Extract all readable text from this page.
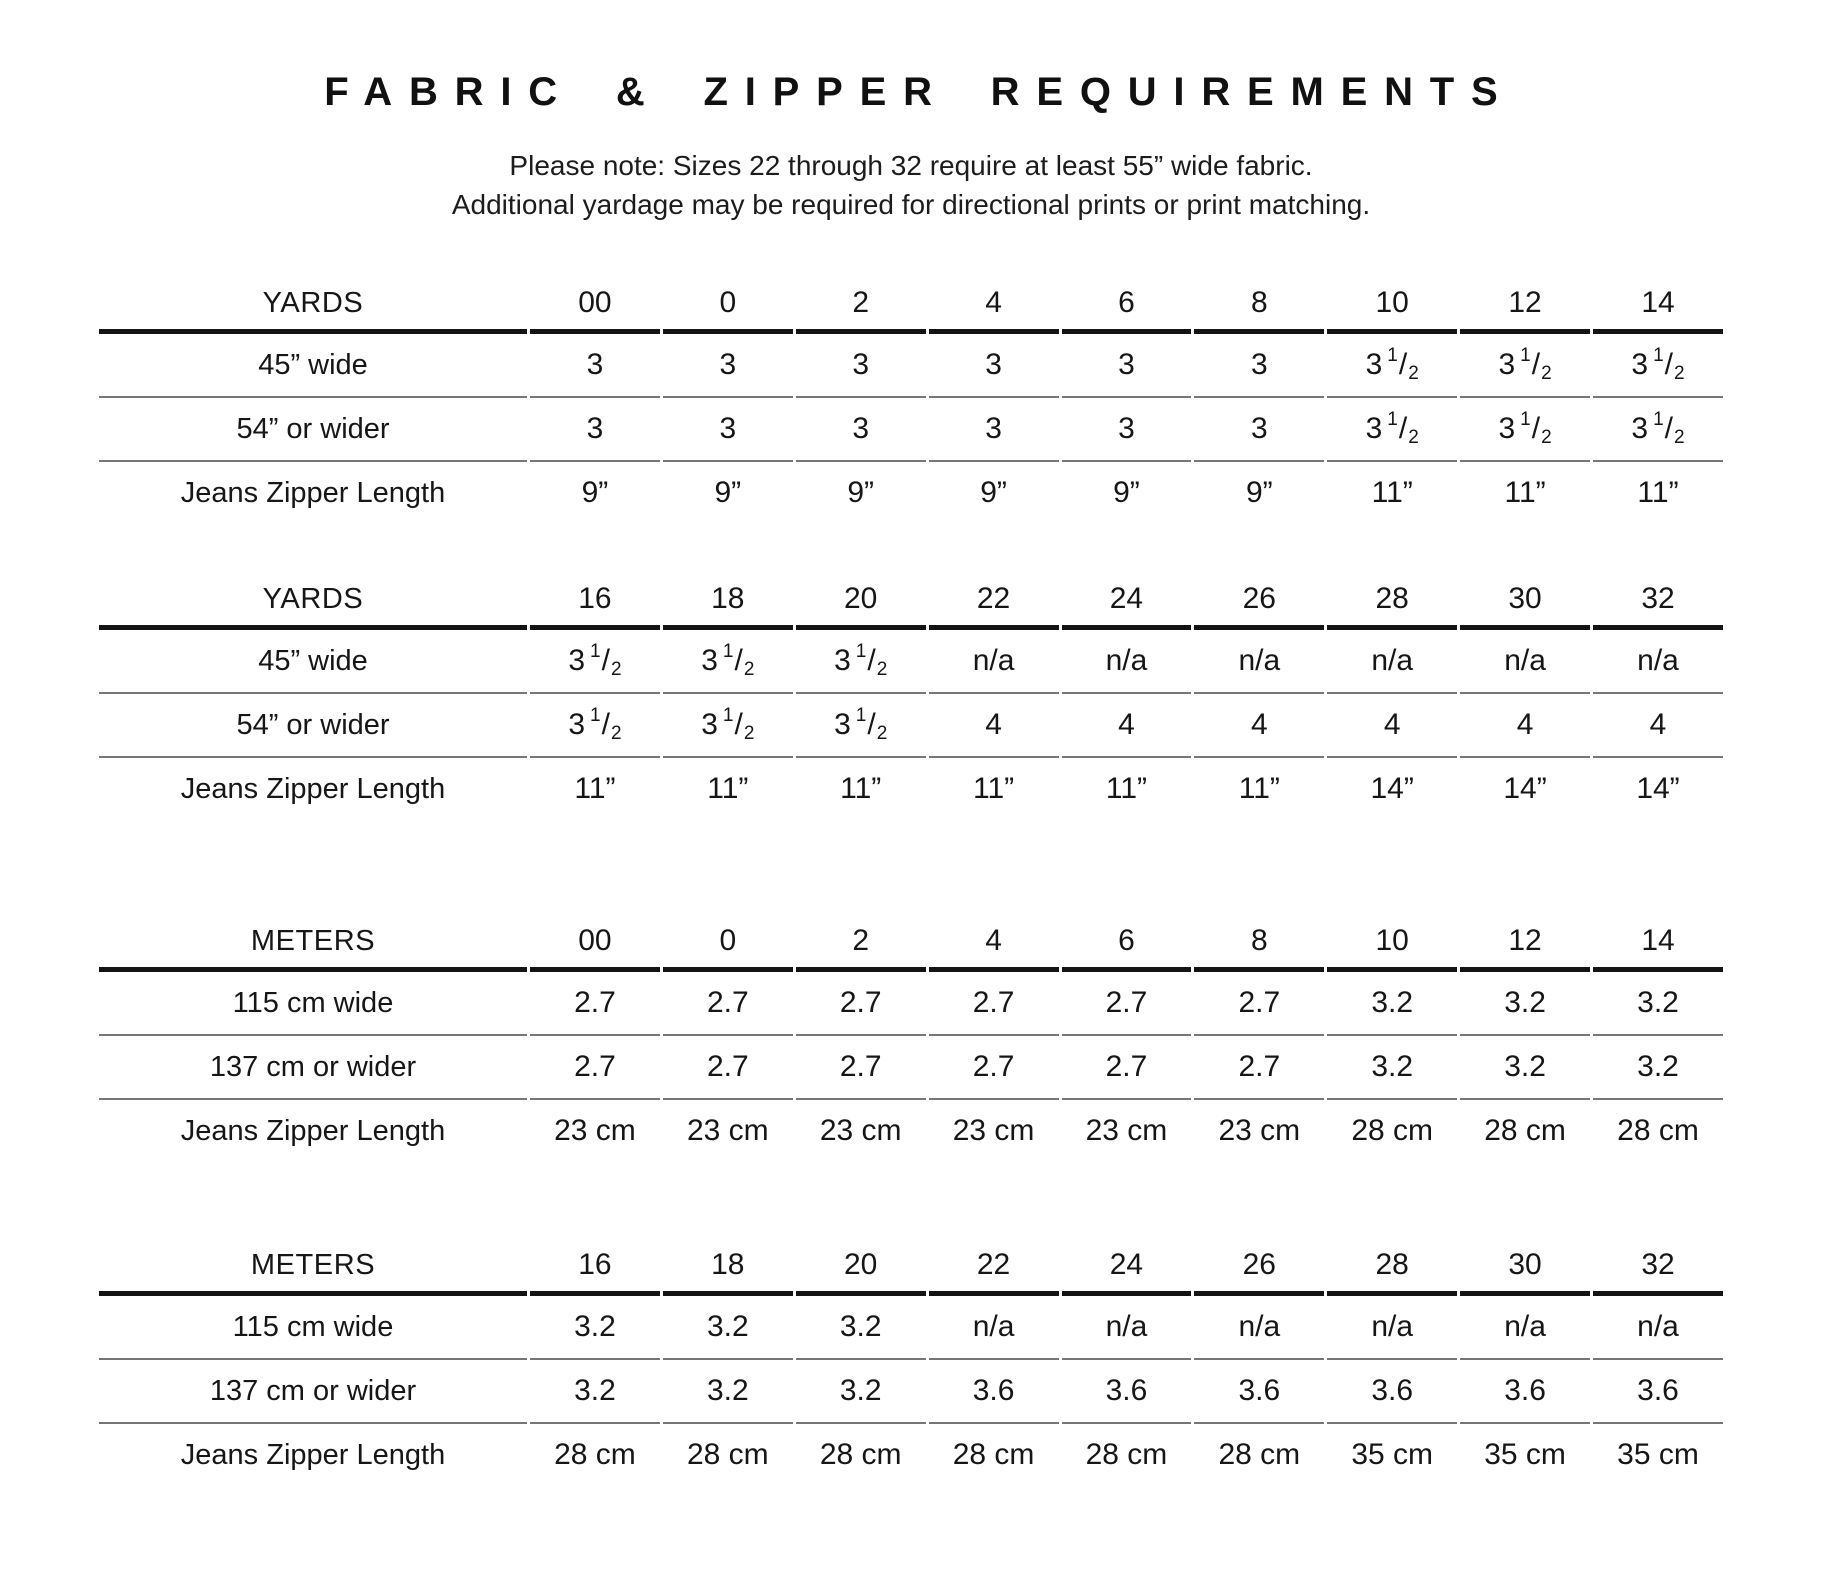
FABRIC & ZIPPER REQUIREMENTS

Please note: Sizes 22 through 32 require at least 55” wide fabric.

Additional yardage may be required for directional prints or print matching.

YARDS	00	0	2	4	6	8	10	12	14
45” wide	3	3	3	3	3	3	3 $^1$/2	3 $^1$/2	3 $^1$/2
54” or wider	3	3	3	3	3	3	3 $^1$/2	3 $^1$/2	3 $^1$/2
Jeans Zipper Length	9”	9”	9”	9”	9”	9”	11”	11”	11”
YARDS	16	18	20	22	24	26	28	30	32
45” wide	3 $^1$/2	3 $^1$/2	3 $^1$/2	n/a	n/a	n/a	n/a	n/a	n/a
54” or wider	3 $^1$/2	3 $^1$/2	3 $^1$/2	4	4	4	4	4	4
Jeans Zipper Length	11”	11”	11”	11”	11”	11”	14”	14”	14”
METERS	00	0	2	4	6	8	10	12	14
115 cm wide	2.7	2.7	2.7	2.7	2.7	2.7	3.2	3.2	3.2
137 cm or wider	2.7	2.7	2.7	2.7	2.7	2.7	3.2	3.2	3.2
Jeans Zipper Length	23 cm	23 cm	23 cm	23 cm	23 cm	23 cm	28 cm	28 cm	28 cm
METERS	16	18	20	22	24	26	28	30	32
115 cm wide	3.2	3.2	3.2	n/a	n/a	n/a	n/a	n/a	n/a
137 cm or wider	3.2	3.2	3.2	3.6	3.6	3.6	3.6	3.6	3.6
Jeans Zipper Length	28 cm	28 cm	28 cm	28 cm	28 cm	28 cm	35 cm	35 cm	35 cm
